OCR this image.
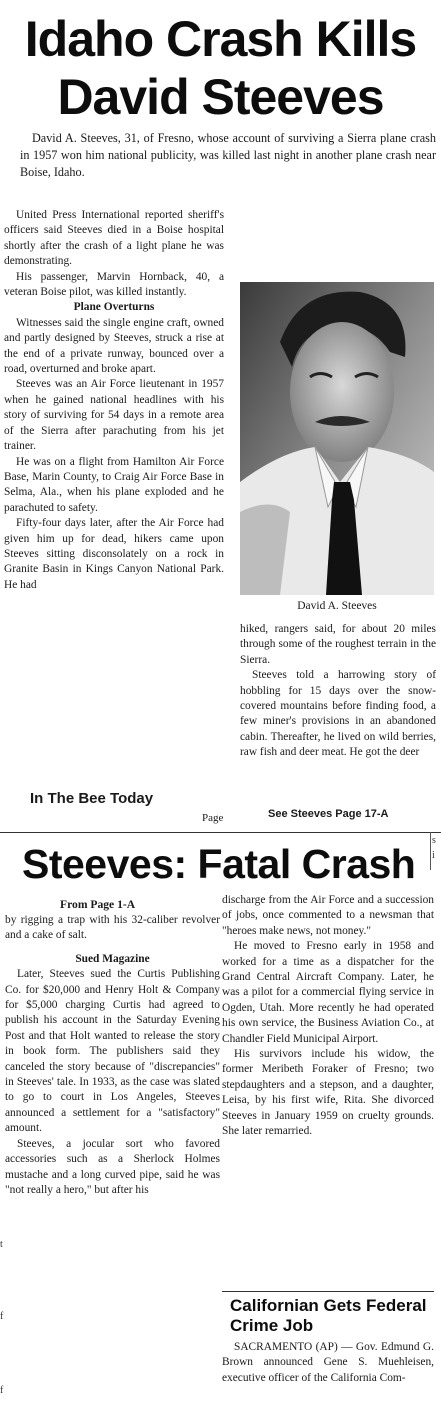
Idaho Crash Kills David Steeves

David A. Steeves, 31, of Fresno, whose account of surviving a Sierra plane crash in 1957 won him national publicity, was killed last night in another plane crash near Boise, Idaho.

United Press International reported sheriff's officers said Steeves died in a Boise hospital shortly after the crash of a light plane he was demonstrating.

His passenger, Marvin Hornback, 40, a veteran Boise pilot, was killed instantly.

Plane Overturns

Witnesses said the single engine craft, owned and partly designed by Steeves, struck a rise at the end of a private runway, bounced over a road, overturned and broke apart.

Steeves was an Air Force lieutenant in 1957 when he gained national headlines with his story of surviving for 54 days in a remote area of the Sierra after parachuting from his jet trainer.

He was on a flight from Hamilton Air Force Base, Marin County, to Craig Air Force Base in Selma, Ala., when his plane exploded and he parachuted to safety.

Fifty-four days later, after the Air Force had given him up for dead, hikers came upon Steeves sitting disconsolately on a rock in Granite Basin in Kings Canyon National Park. He had

David A. Steeves

hiked, rangers said, for about 20 miles through some of the roughest terrain in the Sierra.

Steeves told a harrowing story of hobbling for 15 days over the snow-covered mountains before finding food, a few miner's provisions in an abandoned cabin. Thereafter, he lived on wild berries, raw fish and deer meat. He got the deer

In The Bee Today

Page	See Steeves Page 17-A

s

i

Steeves: Fatal Crash

From Page 1-A

by rigging a trap with his 32-caliber revolver and a cake of salt.

Sued Magazine

Later, Steeves sued the Curtis Publishing Co. for $20,000 and Henry Holt & Company for $5,000 charging Curtis had agreed to publish his account in the Saturday Evening Post and that Holt wanted to release the story in book form. The publishers said they canceled the story because of "discrepancies" in Steeves' tale. In 1933, as the case was slated to go to court in Los Angeles, Steeves announced a settlement for a "satisfactory" amount.

Steeves, a jocular sort who favored accessories such as a Sherlock Holmes mustache and a long curved pipe, said he was "not really a hero," but after his

discharge from the Air Force and a succession of jobs, once commented to a newsman that "heroes make news, not money."

He moved to Fresno early in 1958 and worked for a time as a dispatcher for the Grand Central Aircraft Company. Later, he was a pilot for a commercial flying service in Ogden, Utah. More recently he had operated his own service, the Business Aviation Co., at Chandler Field Municipal Airport.

His survivors include his widow, the former Meribeth Foraker of Fresno; two stepdaughters and a stepson, and a daughter, Leisa, by his first wife, Rita. She divorced Steeves in January 1959 on cruelty grounds. She later remarried.

Californian Gets Federal Crime Job

SACRAMENTO (AP) — Gov. Edmund G. Brown announced Gene S. Muehleisen, executive officer of the California Com-

t

f

f
